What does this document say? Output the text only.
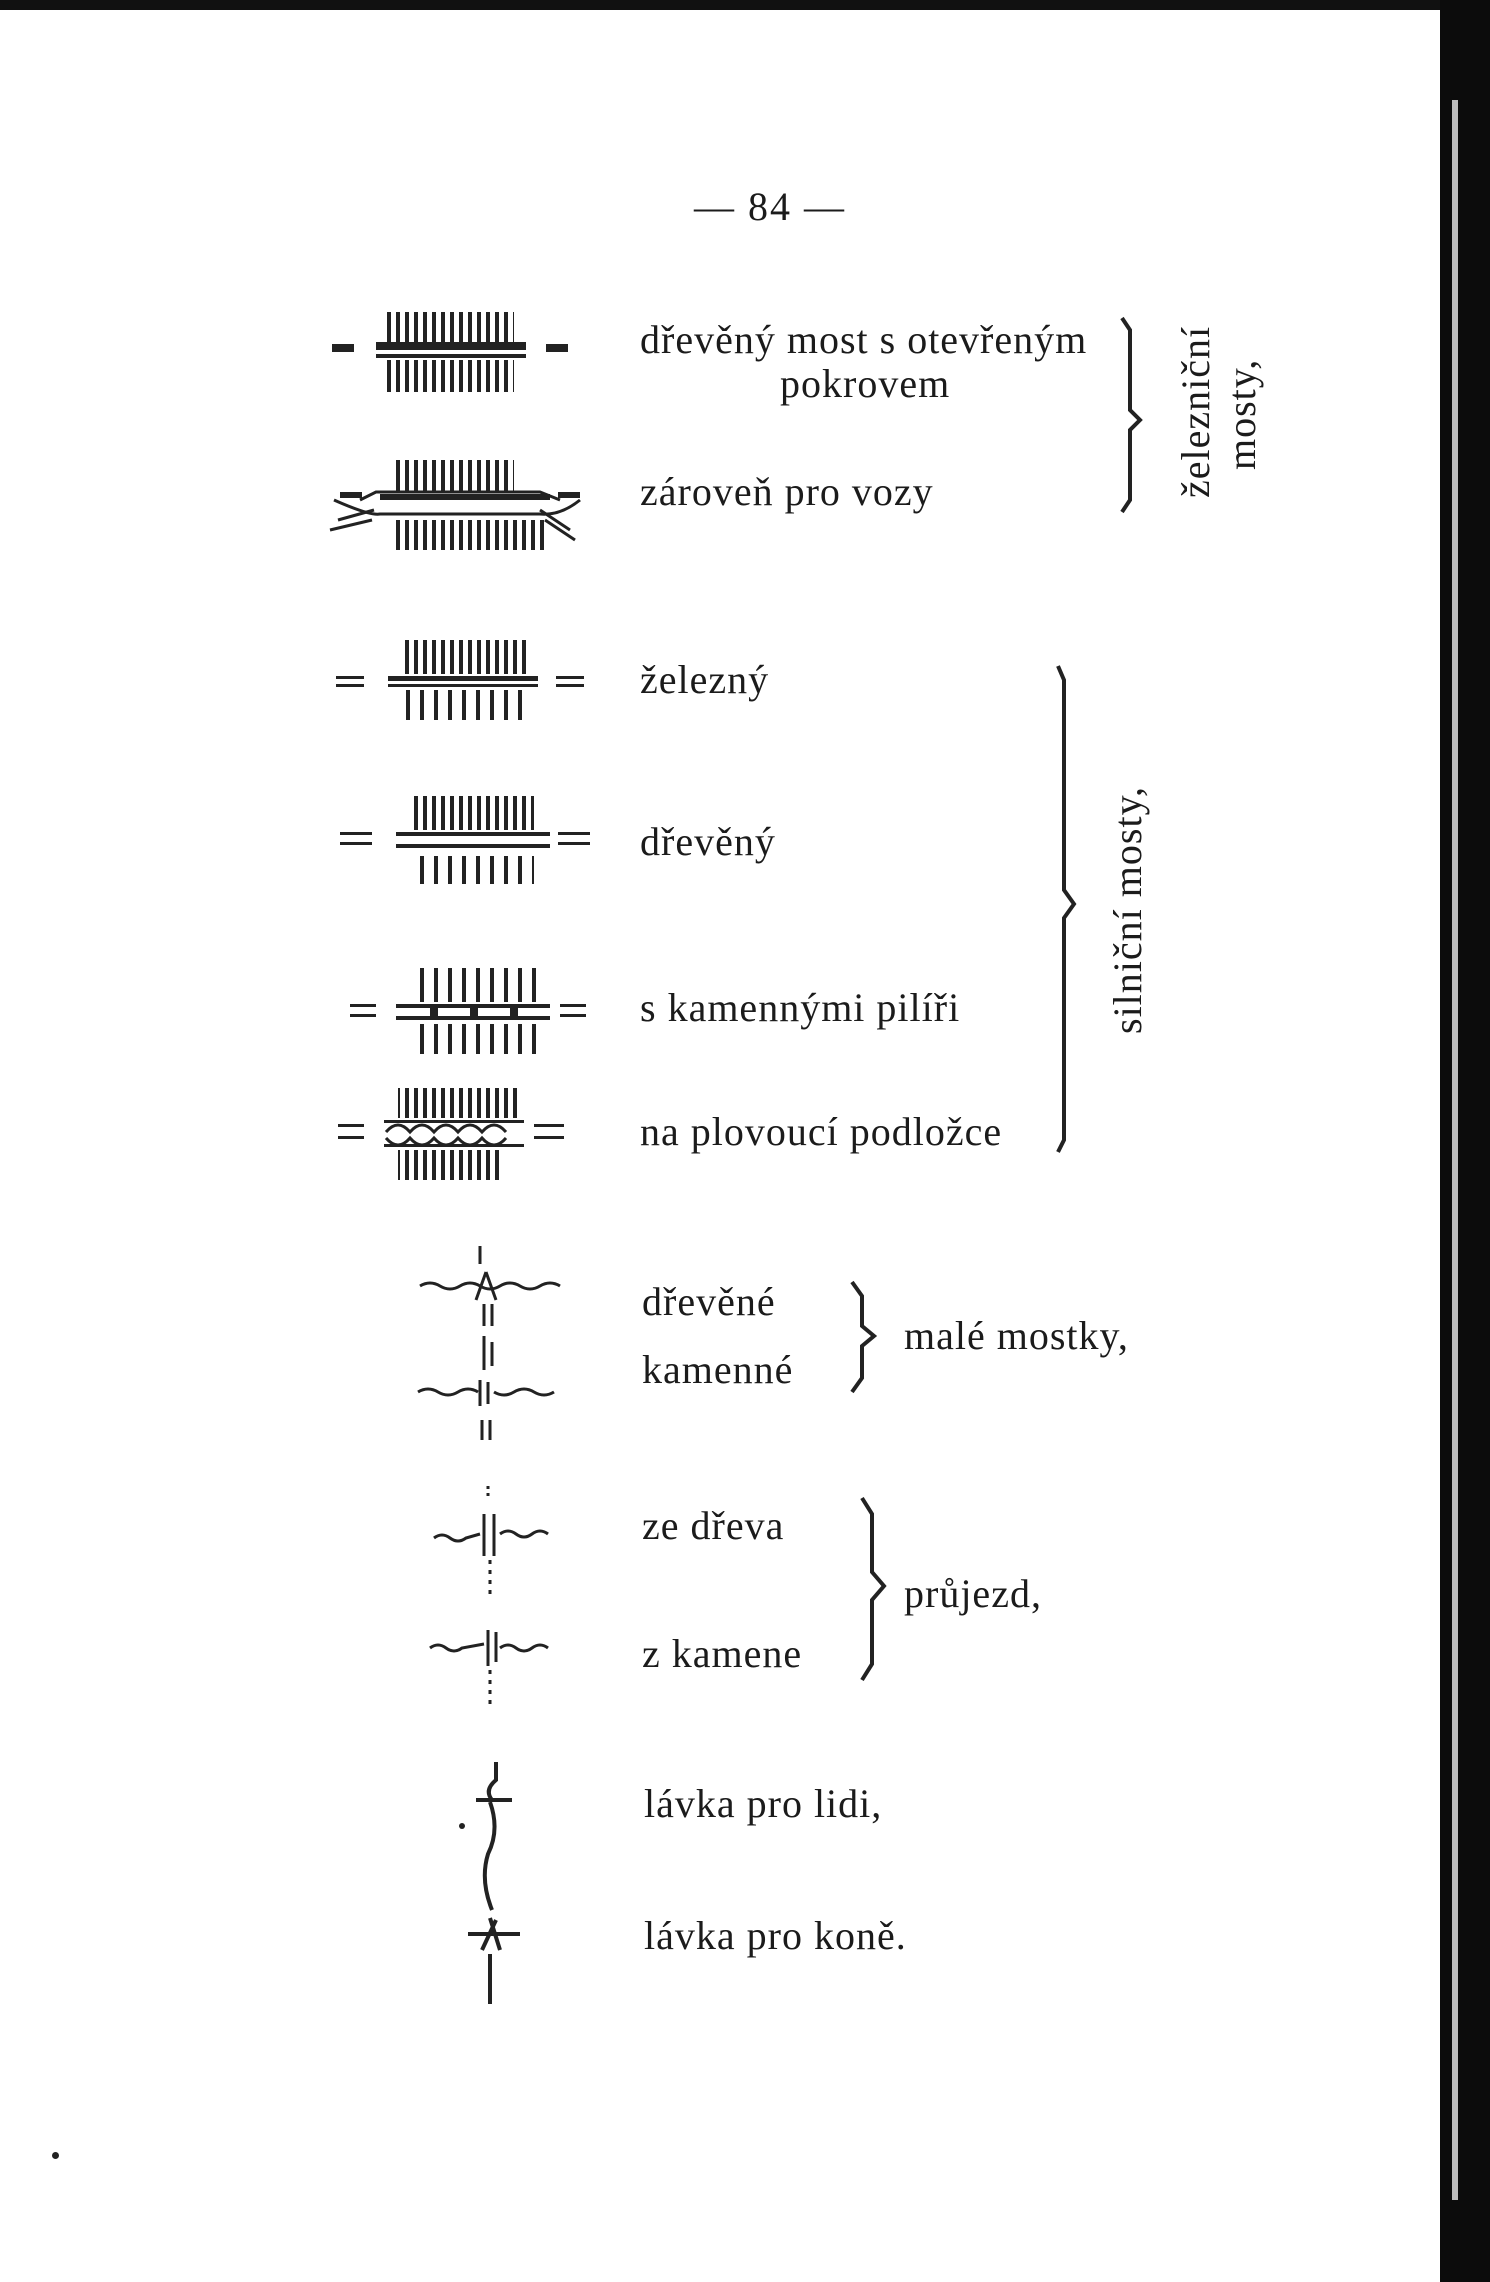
— 84 —
dřevěný most s otevřeným
pokrovem
zároveň pro vozy	železniční mosty,
železný
dřevěný
s kamennými pilíři
na plovoucí podložce
silniční mosty,
dřevěné
kamenné
malé mostky,
ze dřeva
z kamene
průjezd,
lávka pro lidi,
lávka pro koně.
